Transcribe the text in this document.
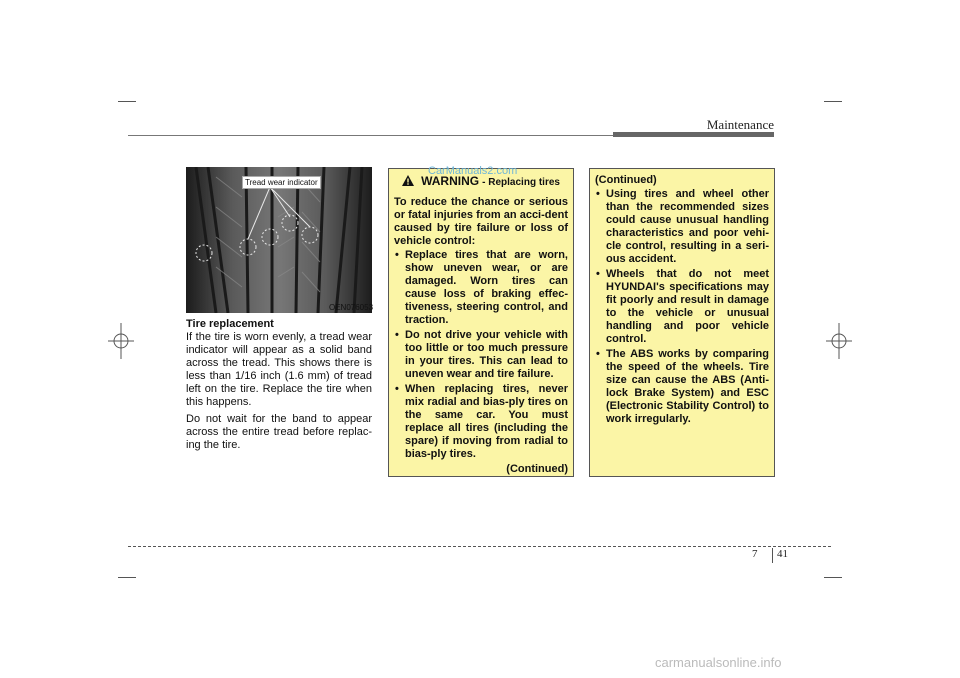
Maintenance
Tread wear indicator
OEN076053

Tire replacement

If the tire is worn evenly, a tread wear indicator will appear as a solid band across the tread. This shows there is less than 1/16 inch (1.6 mm) of tread left on the tire. Replace the tire when this happens.

Do not wait for the band to appear across the entire tread before replac-ing the tire.

WARNING - Replacing tires

To reduce the chance or serious or fatal injuries from an acci-dent caused by tire failure or loss of vehicle control:

• Replace tires that are worn, show uneven wear, or are damaged. Worn tires can cause loss of braking effec-tiveness, steering control, and traction.
• Do not drive your vehicle with too little or too much pressure in your tires. This can lead to uneven wear and tire failure.
• When replacing tires, never mix radial and bias-ply tires on the same car. You must replace all tires (including the spare) if moving from radial to bias-ply tires.
(Continued)
(Continued)
• Using tires and wheel other than the recommended sizes could cause unusual handling characteristics and poor vehi-cle control, resulting in a seri-ous accident.
• Wheels that do not meet HYUNDAI's specifications may fit poorly and result in damage to the vehicle or unusual handling and poor vehicle control.
• The ABS works by comparing the speed of the wheels. Tire size can cause the ABS (Anti-lock Brake System) and ESC (Electronic Stability Control) to work irregularly.
CarManuals2.com
7 41
carmanualsonline.info
